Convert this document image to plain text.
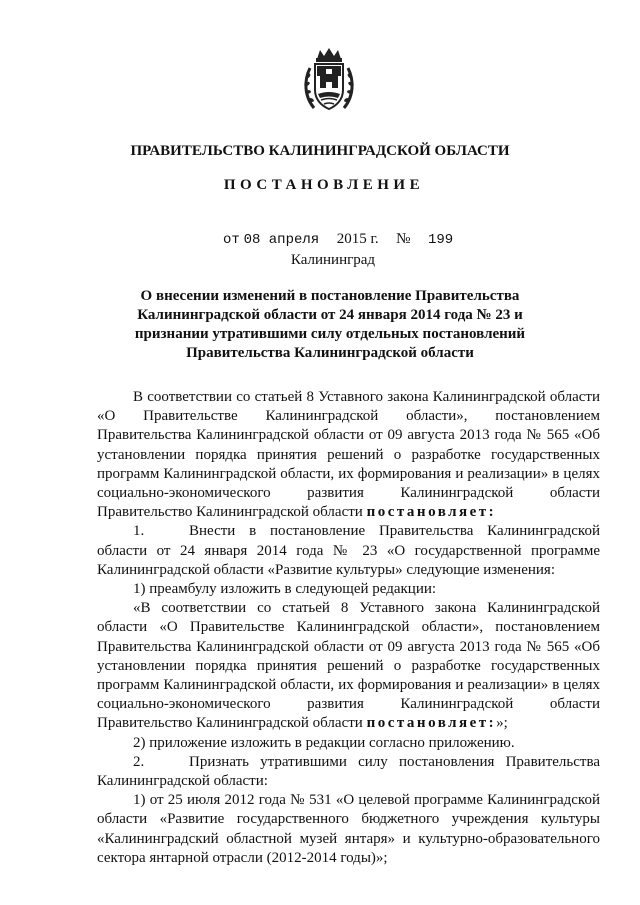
ПРАВИТЕЛЬСТВО КАЛИНИНГРАДСКОЙ ОБЛАСТИ
ПОСТАНОВЛЕНИЕ
от 08 апреля 2015 г. № 199
Калининград
О внесении изменений в постановление Правительства Калининградской области от 24 января 2014 года № 23 и признании утратившими силу отдельных постановлений Правительства Калининградской области

В соответствии со статьей 8 Уставного закона Калининградской области «О Правительстве Калининградской области», постановлением Правительства Калининградской области от 09 августа 2013 года № 565 «Об установлении порядка принятия решений о разработке государственных программ Калининградской области, их формирования и реализации» в целях социально-экономического развития Калининградской области Правительство Калининградской области постановляет:

1.	Внести в постановление Правительства Калининградской области от 24 января 2014 года № 23 «О государственной программе Калининградской области «Развитие культуры» следующие изменения:

1) преамбулу изложить в следующей редакции:

«В соответствии со статьей 8 Уставного закона Калининградской области «О Правительстве Калининградской области», постановлением Правительства Калининградской области от 09 августа 2013 года № 565 «Об установлении порядка принятия решений о разработке государственных программ Калининградской области, их формирования и реализации» в целях социально-экономического развития Калининградской области Правительство Калининградской области постановляет:»;

2) приложение изложить в редакции согласно приложению.

2.	Признать утратившими силу постановления Правительства Калининградской области:

1) от 25 июля 2012 года № 531 «О целевой программе Калининградской области «Развитие государственного бюджетного учреждения культуры «Калининградский областной музей янтаря» и культурно-образовательного сектора янтарной отрасли (2012-2014 годы)»;
